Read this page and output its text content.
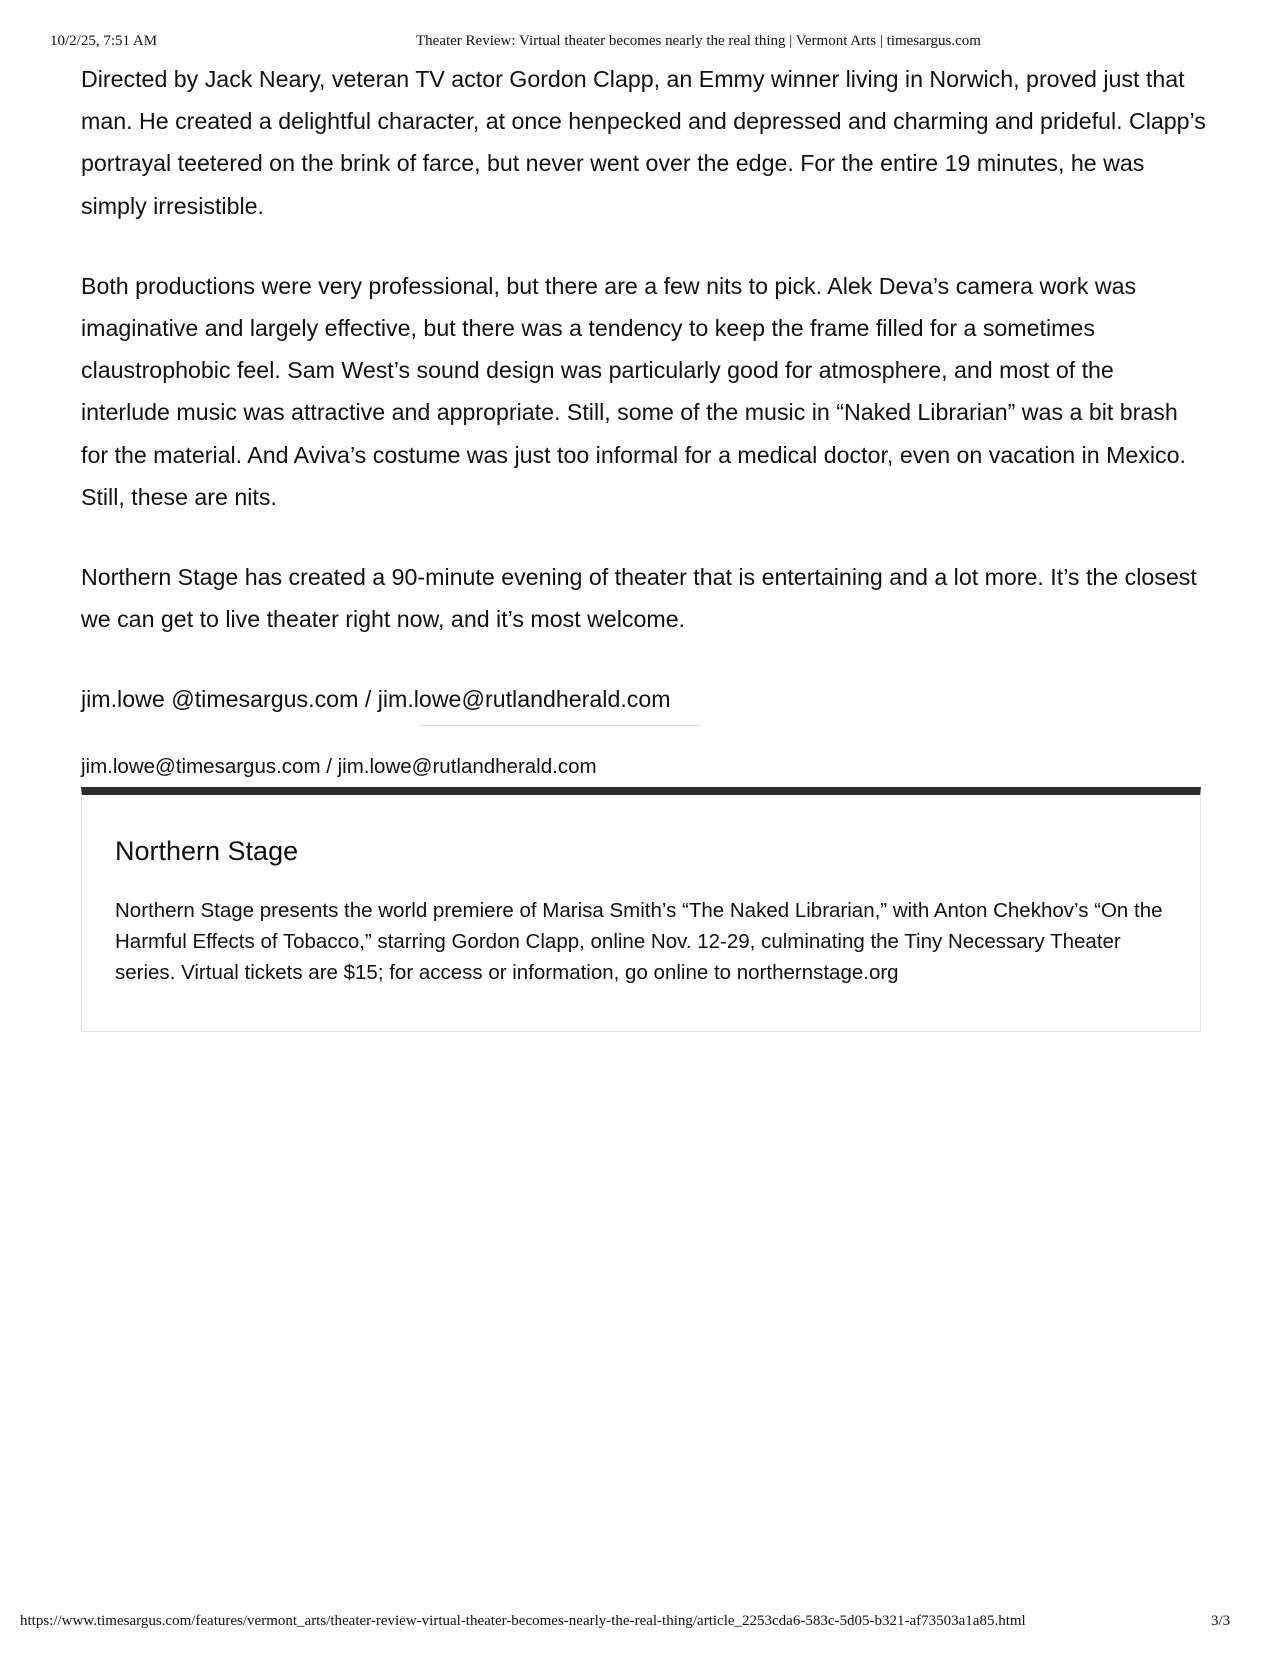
10/2/25, 7:51 AM	Theater Review: Virtual theater becomes nearly the real thing | Vermont Arts | timesargus.com

Directed by Jack Neary, veteran TV actor Gordon Clapp, an Emmy winner living in Norwich, proved just that man. He created a delightful character, at once henpecked and depressed and charming and prideful. Clapp’s portrayal teetered on the brink of farce, but never went over the edge. For the entire 19 minutes, he was simply irresistible.

Both productions were very professional, but there are a few nits to pick. Alek Deva’s camera work was imaginative and largely effective, but there was a tendency to keep the frame filled for a sometimes claustrophobic feel. Sam West’s sound design was particularly good for atmosphere, and most of the interlude music was attractive and appropriate. Still, some of the music in “Naked Librarian” was a bit brash for the material. And Aviva’s costume was just too informal for a medical doctor, even on vacation in Mexico. Still, these are nits.

Northern Stage has created a 90-minute evening of theater that is entertaining and a lot more. It’s the closest we can get to live theater right now, and it’s most welcome.

jim.lowe @timesargus.com / jim.lowe@rutlandherald.com

jim.lowe@timesargus.com / jim.lowe@rutlandherald.com
Northern Stage

Northern Stage presents the world premiere of Marisa Smith’s “The Naked Librarian,” with Anton Chekhov’s “On the Harmful Effects of Tobacco,” starring Gordon Clapp, online Nov. 12-29, culminating the Tiny Necessary Theater series. Virtual tickets are $15; for access or information, go online to northernstage.org

https://www.timesargus.com/features/vermont_arts/theater-review-virtual-theater-becomes-nearly-the-real-thing/article_2253cda6-583c-5d05-b321-af73503a1a85.html	3/3
